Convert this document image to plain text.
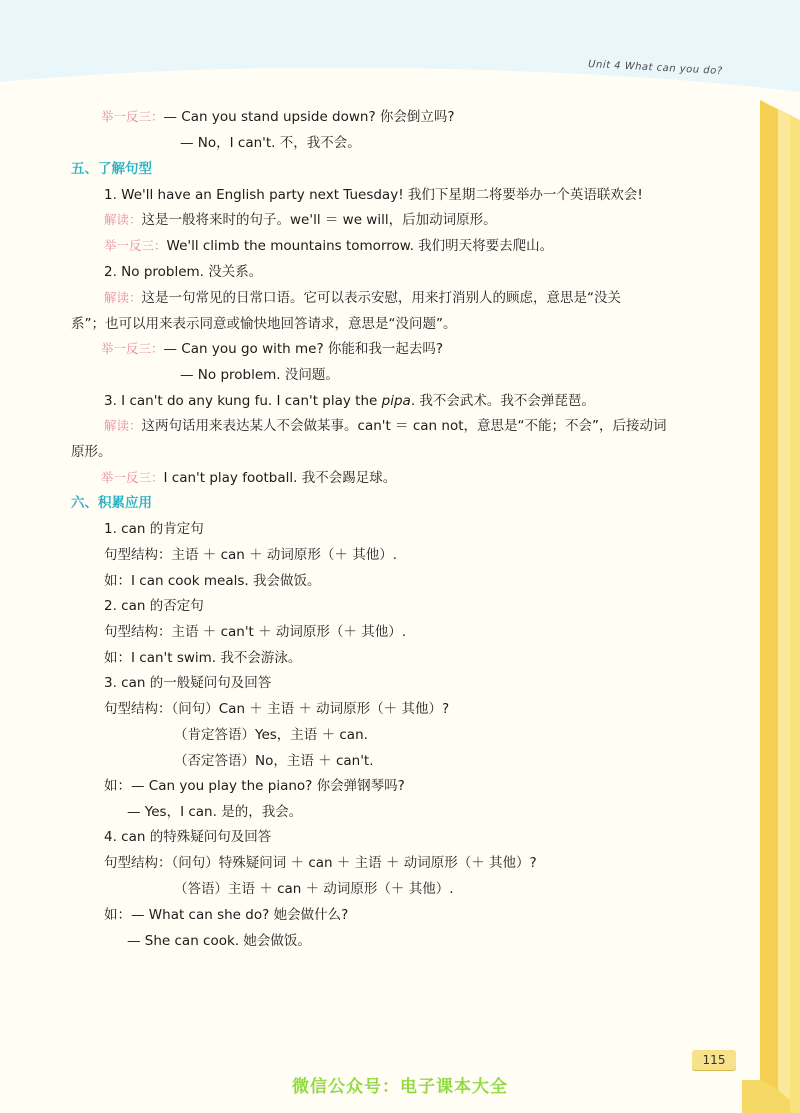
Unit 4 What can you do?
举一反三：— Can you stand upside down? 你会倒立吗?
— No，I can't. 不，我不会。
五、了解句型
1. We'll have an English party next Tuesday! 我们下星期二将要举办一个英语联欢会!
解读：这是一般将来时的句子。we'll ＝ we will，后加动词原形。
举一反三：We'll climb the mountains tomorrow. 我们明天将要去爬山。
2. No problem. 没关系。
解读：这是一句常见的日常口语。它可以表示安慰，用来打消别人的顾虑，意思是“没关
系”；也可以用来表示同意或愉快地回答请求，意思是“没问题”。
举一反三：— Can you go with me? 你能和我一起去吗?
— No problem. 没问题。
3. I can't do any kung fu. I can't play the pipa. 我不会武术。我不会弹琵琶。
解读：这两句话用来表达某人不会做某事。can't ＝ can not，意思是“不能；不会”，后接动词
原形。
举一反三：I can't play football. 我不会踢足球。
六、积累应用
1. can 的肯定句
句型结构：主语 ＋ can ＋ 动词原形（＋ 其他）.
如：I can cook meals. 我会做饭。
2. can 的否定句
句型结构：主语 ＋ can't ＋ 动词原形（＋ 其他）.
如：I can't swim. 我不会游泳。
3. can 的一般疑问句及回答
句型结构：（问句）Can ＋ 主语 ＋ 动词原形（＋ 其他）?
（肯定答语）Yes，主语 ＋ can.
（否定答语）No，主语 ＋ can't.
如：— Can you play the piano? 你会弹钢琴吗?
— Yes，I can. 是的，我会。
4. can 的特殊疑问句及回答
句型结构：（问句）特殊疑问词 ＋ can ＋ 主语 ＋ 动词原形（＋ 其他）?
（答语）主语 ＋ can ＋ 动词原形（＋ 其他）.
如：— What can she do? 她会做什么?
— She can cook. 她会做饭。
115
微信公众号：电子课本大全
